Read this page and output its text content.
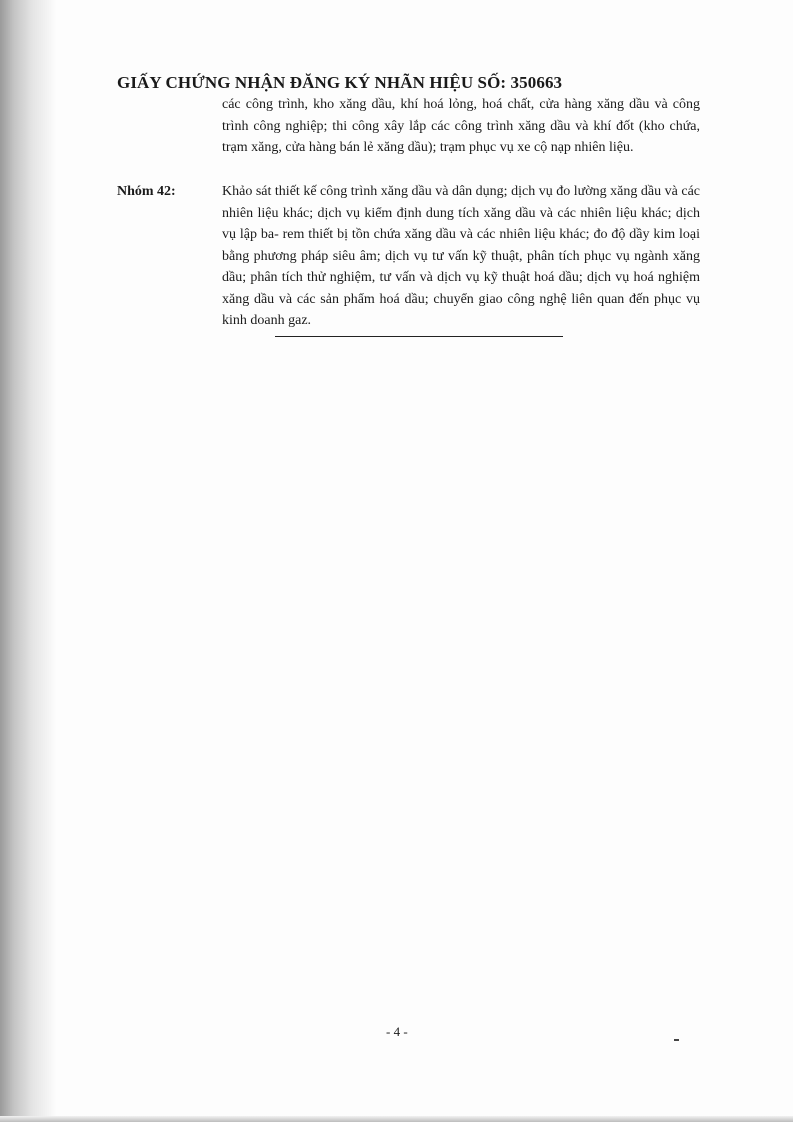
GIẤY CHỨNG NHẬN ĐĂNG KÝ NHÃN HIỆU SỐ: 350663
các công trình, kho xăng dầu, khí hoá lỏng, hoá chất, cửa hàng xăng dầu và công trình công nghiệp; thi công xây lắp các công trình xăng dầu và khí đốt (kho chứa, trạm xăng, cửa hàng bán lẻ xăng dầu); trạm phục vụ xe cộ nạp nhiên liệu.
Nhóm 42:	Khảo sát thiết kế công trình xăng dầu và dân dụng; dịch vụ đo lường xăng dầu và các nhiên liệu khác; dịch vụ kiểm định dung tích xăng dầu và các nhiên liệu khác; dịch vụ lập ba- rem thiết bị tồn chứa xăng dầu và các nhiên liệu khác; đo độ dầy kim loại bằng phương pháp siêu âm; dịch vụ tư vấn kỹ thuật, phân tích phục vụ ngành xăng dầu; phân tích thử nghiệm, tư vấn và dịch vụ kỹ thuật hoá dầu; dịch vụ hoá nghiệm xăng dầu và các sản phẩm hoá dầu; chuyển giao công nghệ liên quan đến phục vụ kinh doanh gaz.
- 4 -
